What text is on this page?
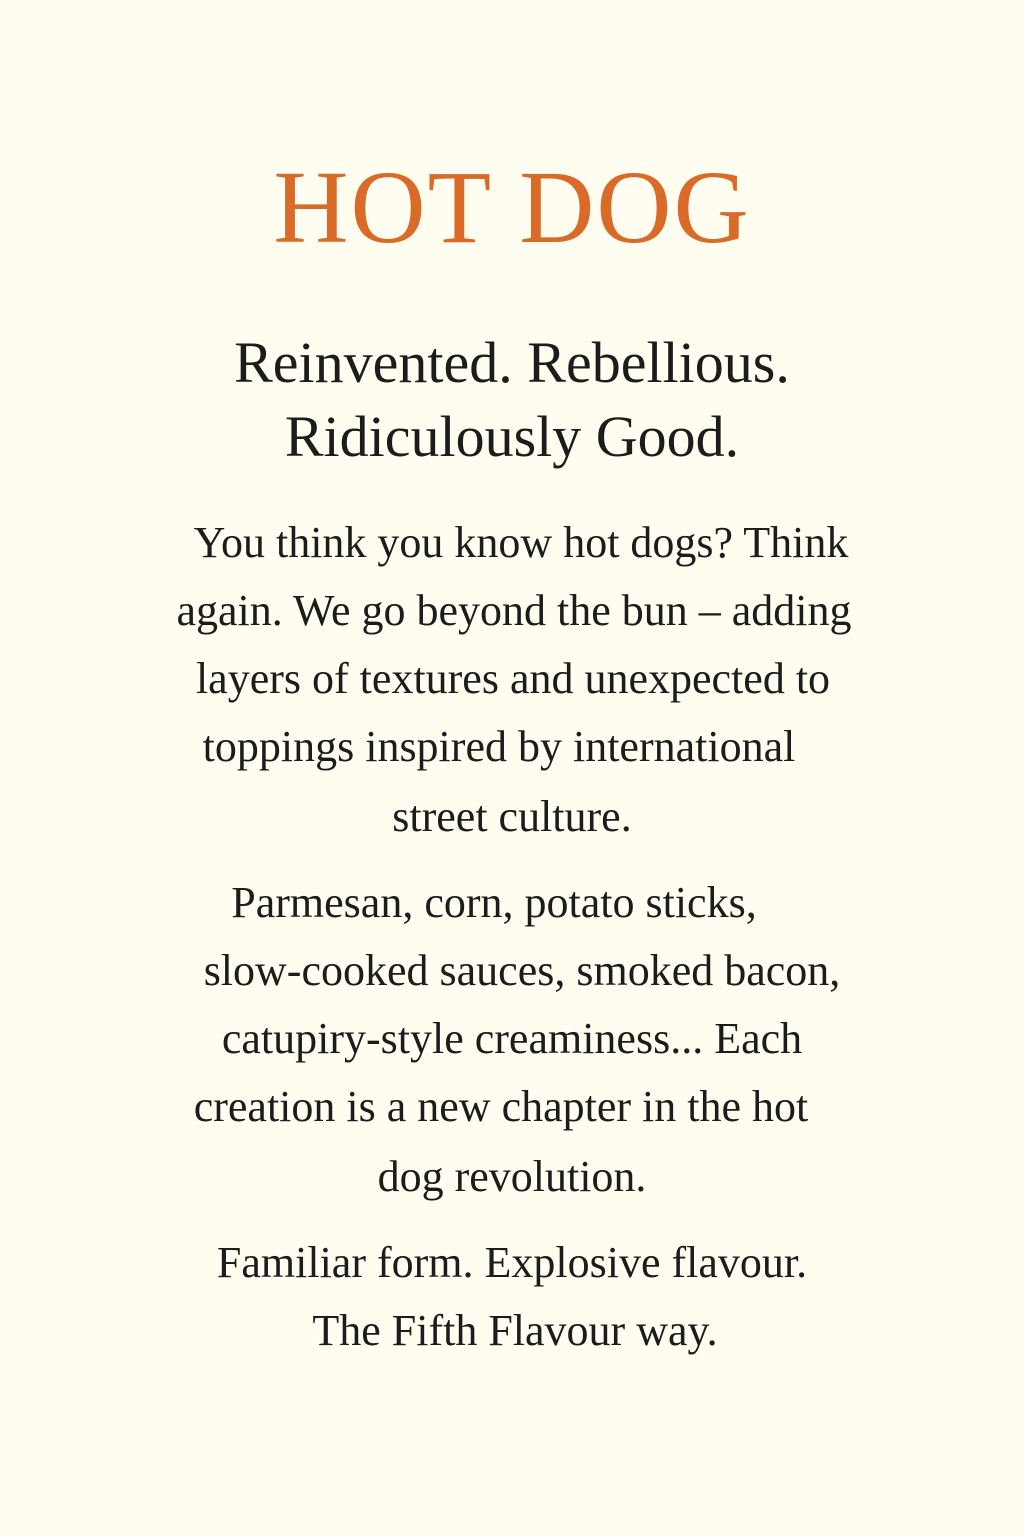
HOT DOG
Reinvented. Rebellious.
Ridiculously Good.

You think you know hot dogs? Think

again. We go beyond the bun – adding

layers of textures and unexpected to

toppings inspired by international

street culture.

Parmesan, corn, potato sticks,

slow-cooked sauces, smoked bacon,

catupiry-style creaminess... Each

creation is a new chapter in the hot

dog revolution.

Familiar form. Explosive flavour.

The Fifth Flavour way.
